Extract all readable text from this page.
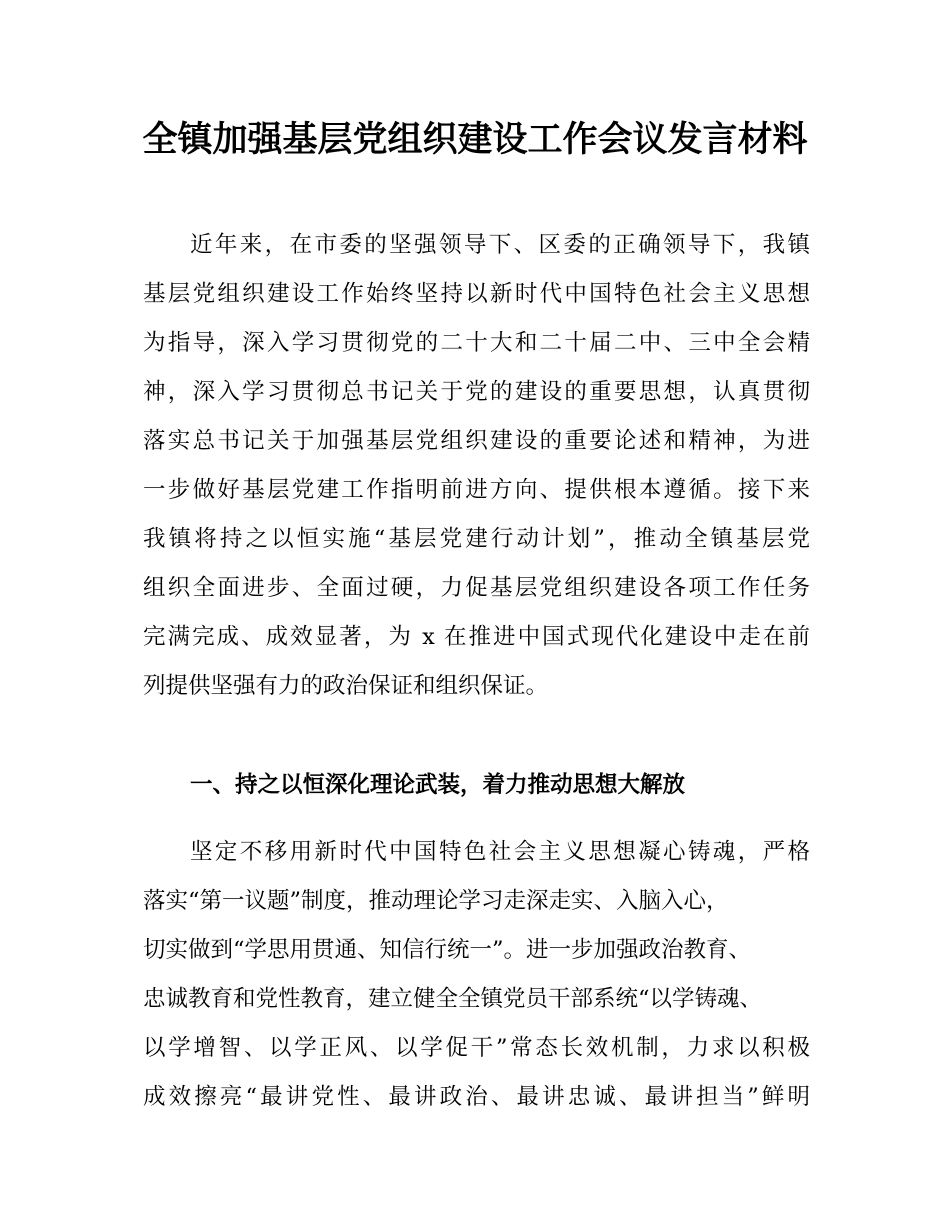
全镇加强基层党组织建设工作会议发言材料

近年来，在市委的坚强领导下、区委的正确领导下，我镇

基层党组织建设工作始终坚持以新时代中国特色社会主义思想

为指导，深入学习贯彻党的二十大和二十届二中、三中全会精

神，深入学习贯彻总书记关于党的建设的重要思想，认真贯彻

落实总书记关于加强基层党组织建设的重要论述和精神，为进

一步做好基层党建工作指明前进方向、提供根本遵循。接下来

我镇将持之以恒实施“基层党建行动计划”，推动全镇基层党

组织全面进步、全面过硬，力促基层党组织建设各项工作任务

完满完成、成效显著，为 x 在推进中国式现代化建设中走在前

列提供坚强有力的政治保证和组织保证。

一、持之以恒深化理论武装，着力推动思想大解放

坚定不移用新时代中国特色社会主义思想凝心铸魂，严格

落实“第一议题”制度，推动理论学习走深走实、入脑入心，

切实做到“学思用贯通、知信行统一”。进一步加强政治教育、

忠诚教育和党性教育，建立健全全镇党员干部系统“以学铸魂、

以学增智、以学正风、以学促干”常态长效机制，力求以积极

成效擦亮“最讲党性、最讲政治、最讲忠诚、最讲担当”鲜明
